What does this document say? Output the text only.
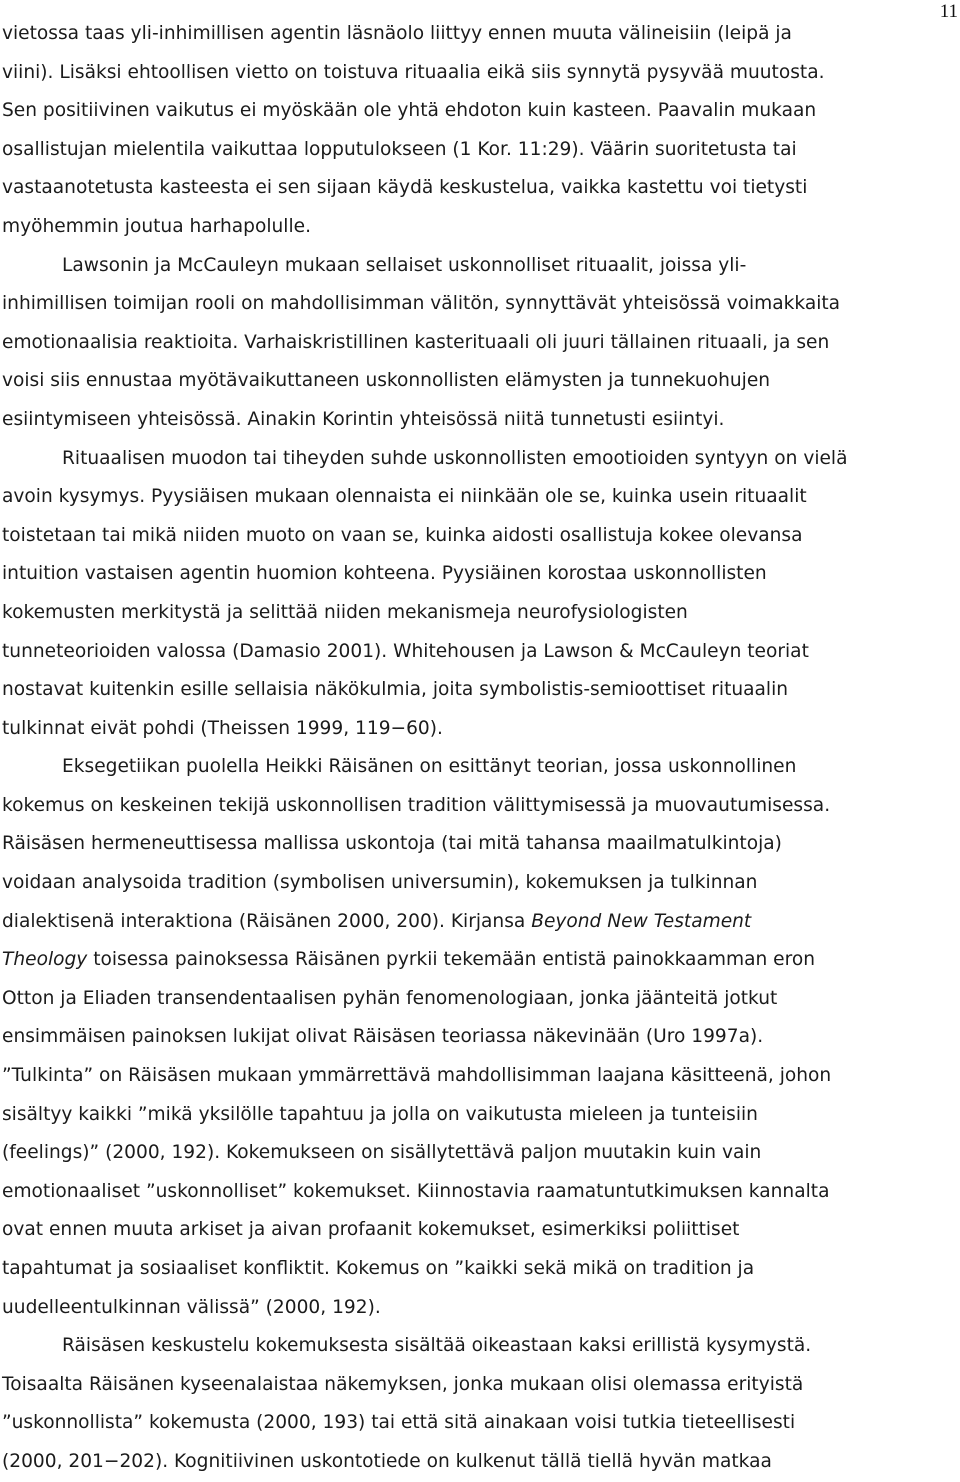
11
vietossa taas yli-inhimillisen agentin läsnäolo liittyy ennen muuta välineisiin (leipä ja
viini). Lisäksi ehtoollisen vietto on toistuva rituaalia eikä siis synnytä pysyvää muutosta.
Sen positiivinen vaikutus ei myöskään ole yhtä ehdoton kuin kasteen. Paavalin mukaan
osallistujan mielentila vaikuttaa lopputulokseen (1 Kor. 11:29). Väärin suoritetusta tai
vastaanotetusta kasteesta ei sen sijaan käydä keskustelua, vaikka kastettu voi tietysti
myöhemmin joutua harhapolulle.
Lawsonin ja McCauleyn mukaan sellaiset uskonnolliset rituaalit, joissa yli-
inhimillisen toimijan rooli on mahdollisimman välitön, synnyttävät yhteisössä voimakkaita
emotionaalisia reaktioita. Varhaiskristillinen kasterituaali oli juuri tällainen rituaali, ja sen
voisi siis ennustaa myötävaikuttaneen uskonnollisten elämysten ja tunnekuohujen
esiintymiseen yhteisössä. Ainakin Korintin yhteisössä niitä tunnetusti esiintyi.
Rituaalisen muodon tai tiheyden suhde uskonnollisten emootioiden syntyyn on vielä
avoin kysymys. Pyysiäisen mukaan olennaista ei niinkään ole se, kuinka usein rituaalit
toistetaan tai mikä niiden muoto on vaan se, kuinka aidosti osallistuja kokee olevansa
intuition vastaisen agentin huomion kohteena. Pyysiäinen korostaa uskonnollisten
kokemusten merkitystä ja selittää niiden mekanismeja neurofysiologisten
tunneteorioiden valossa (Damasio 2001). Whitehousen ja Lawson & McCauleyn teoriat
nostavat kuitenkin esille sellaisia näkökulmia, joita symbolistis-semioottiset rituaalin
tulkinnat eivät pohdi (Theissen 1999, 119−60).
Eksegetiikan puolella Heikki Räisänen on esittänyt teorian, jossa uskonnollinen
kokemus on keskeinen tekijä uskonnollisen tradition välittymisessä ja muovautumisessa.
Räisäsen hermeneuttisessa mallissa uskontoja (tai mitä tahansa maailmatulkintoja)
voidaan analysoida tradition (symbolisen universumin), kokemuksen ja tulkinnan
dialektisenä interaktiona (Räisänen 2000, 200). Kirjansa Beyond New Testament
Theology toisessa painoksessa Räisänen pyrkii tekemään entistä painokkaamman eron
Otton ja Eliaden transendentaalisen pyhän fenomenologiaan, jonka jäänteitä jotkut
ensimmäisen painoksen lukijat olivat Räisäsen teoriassa näkevinään (Uro 1997a).
”Tulkinta” on Räisäsen mukaan ymmärrettävä mahdollisimman laajana käsitteenä, johon
sisältyy kaikki ”mikä yksilölle tapahtuu ja jolla on vaikutusta mieleen ja tunteisiin
(feelings)” (2000, 192). Kokemukseen on sisällytettävä paljon muutakin kuin vain
emotionaaliset ”uskonnolliset” kokemukset. Kiinnostavia raamatuntutkimuksen kannalta
ovat ennen muuta arkiset ja aivan profaanit kokemukset, esimerkiksi poliittiset
tapahtumat ja sosiaaliset konfliktit. Kokemus on ”kaikki sekä mikä on tradition ja
uudelleentulkinnan välissä” (2000, 192).
Räisäsen keskustelu kokemuksesta sisältää oikeastaan kaksi erillistä kysymystä.
Toisaalta Räisänen kyseenalaistaa näkemyksen, jonka mukaan olisi olemassa erityistä
”uskonnollista” kokemusta (2000, 193) tai että sitä ainakaan voisi tutkia tieteellisesti
(2000, 201−202). Kognitiivinen uskontotiede on kulkenut tällä tiellä hyvän matkaa
